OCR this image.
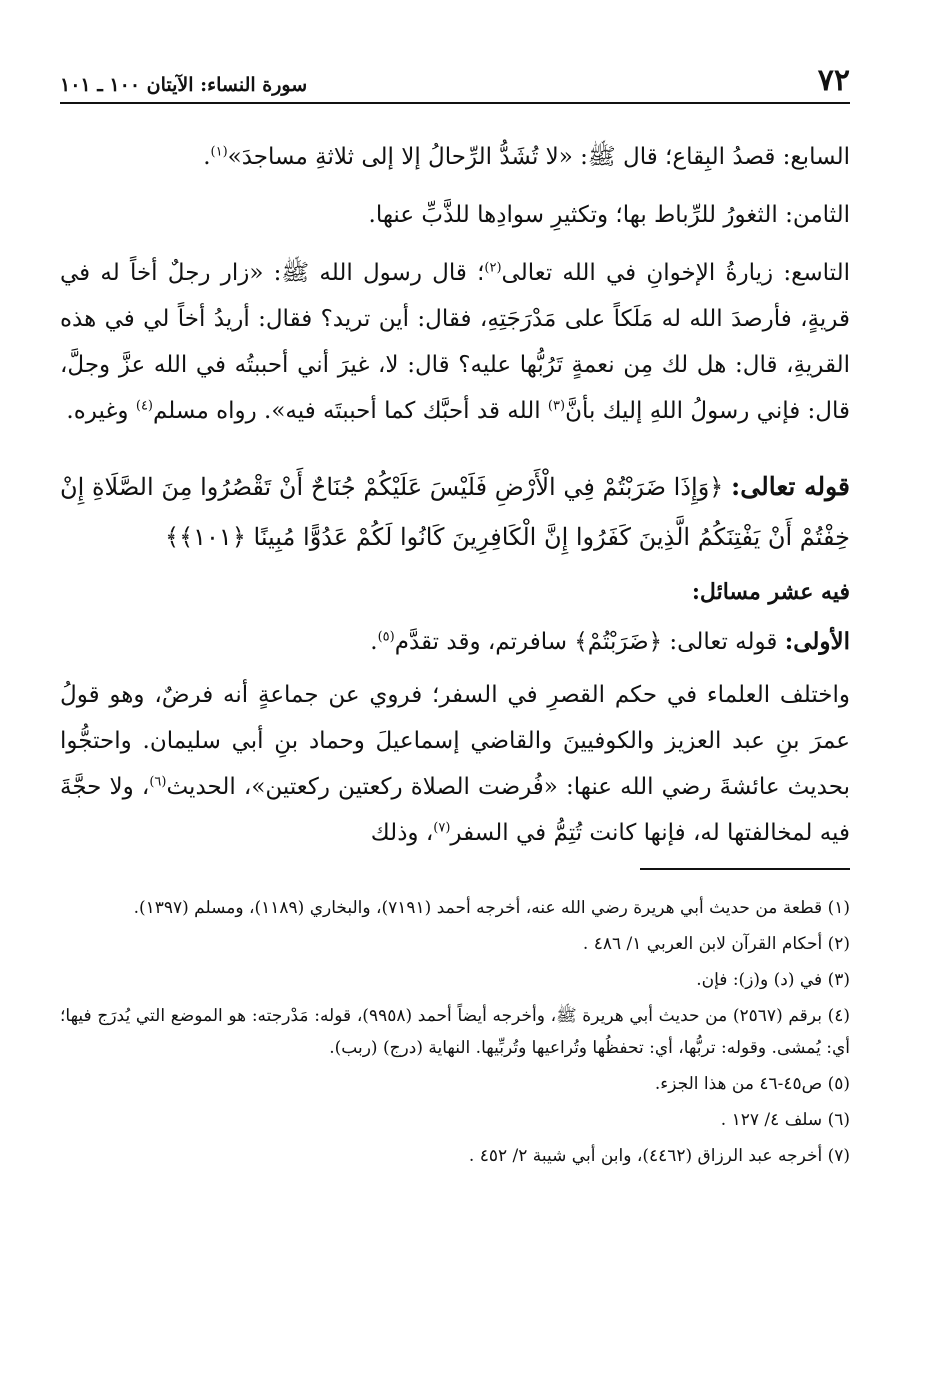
٧٢
سورة النساء: الآيتان ١٠٠ ـ ١٠١

السابع: قصدُ البِقاع؛ قال ﷺ: «لا تُشَدُّ الرِّحالُ إلا إلى ثلاثةِ مساجدَ»$^{(١)}$.

الثامن: الثغورُ للرِّباط بها؛ وتكثيرِ سوادِها للذَّبِّ عنها.

التاسع: زيارةُ الإخوانِ في الله تعالى$^{(٢)}$؛ قال رسول الله ﷺ: «زار رجلٌ أخاً له في قريةٍ، فأرصدَ الله له مَلَكاً على مَدْرَجَتِهِ، فقال: أين تريد؟ فقال: أريدُ أخاً لي في هذه القريةِ، قال: هل لك مِن نعمةٍ تَرُبُّها عليه؟ قال: لا، غيرَ أني أحببتُه في الله عزَّ وجلَّ، قال: فإني رسولُ اللهِ إليك بأنَّ$^{(٣)}$ الله قد أحبَّك كما أحببتَه فيه». رواه مسلم$^{(٤)}$ وغيره.

قوله تعالى: ﴿وَإِذَا ضَرَبْتُمْ فِي الْأَرْضِ فَلَيْسَ عَلَيْكُمْ جُنَاحٌ أَنْ تَقْصُرُوا مِنَ الصَّلَاةِ إِنْ خِفْتُمْ أَنْ يَفْتِنَكُمُ الَّذِينَ كَفَرُوا إِنَّ الْكَافِرِينَ كَانُوا لَكُمْ عَدُوًّا مُبِينًا ﴿١٠١﴾﴾
فيه عشر مسائل:

الأولى: قوله تعالى: ﴿ضَرَبْتُمْ﴾ سافرتم، وقد تقدَّم$^{(٥)}$.

واختلف العلماء في حكم القصرِ في السفر؛ فروي عن جماعةٍ أنه فرضٌ، وهو قولُ عمرَ بنِ عبد العزيز والكوفيينَ والقاضي إسماعيلَ وحماد بنِ أبي سليمان. واحتجُّوا بحديث عائشةَ رضي الله عنها: «فُرضت الصلاة ركعتين ركعتين»، الحديث$^{(٦)}$، ولا حجَّةَ فيه لمخالفتها له، فإنها كانت تُتِمُّ في السفر$^{(٧)}$، وذلك

(١) قطعة من حديث أبي هريرة رضي الله عنه، أخرجه أحمد (٧١٩١)، والبخاري (١١٨٩)، ومسلم (١٣٩٧).

(٢) أحكام القرآن لابن العربي ١/ ٤٨٦ .

(٣) في (د) و(ز): فإن.

(٤) برقم (٢٥٦٧) من حديث أبي هريرة ﷺ، وأخرجه أيضاً أحمد (٩٩٥٨)، قوله: مَدْرجته: هو الموضع التي يُدرَج فيها؛ أي: يُمشى. وقوله: تربُّها، أي: تحفظُها وتُراعيها وتُربِّيها. النهاية (درج) (ربب).

(٥) ص٤٥-٤٦ من هذا الجزء.

(٦) سلف ٤/ ١٢٧ .

(٧) أخرجه عبد الرزاق (٤٤٦٢)، وابن أبي شيبة ٢/ ٤٥٢ .
